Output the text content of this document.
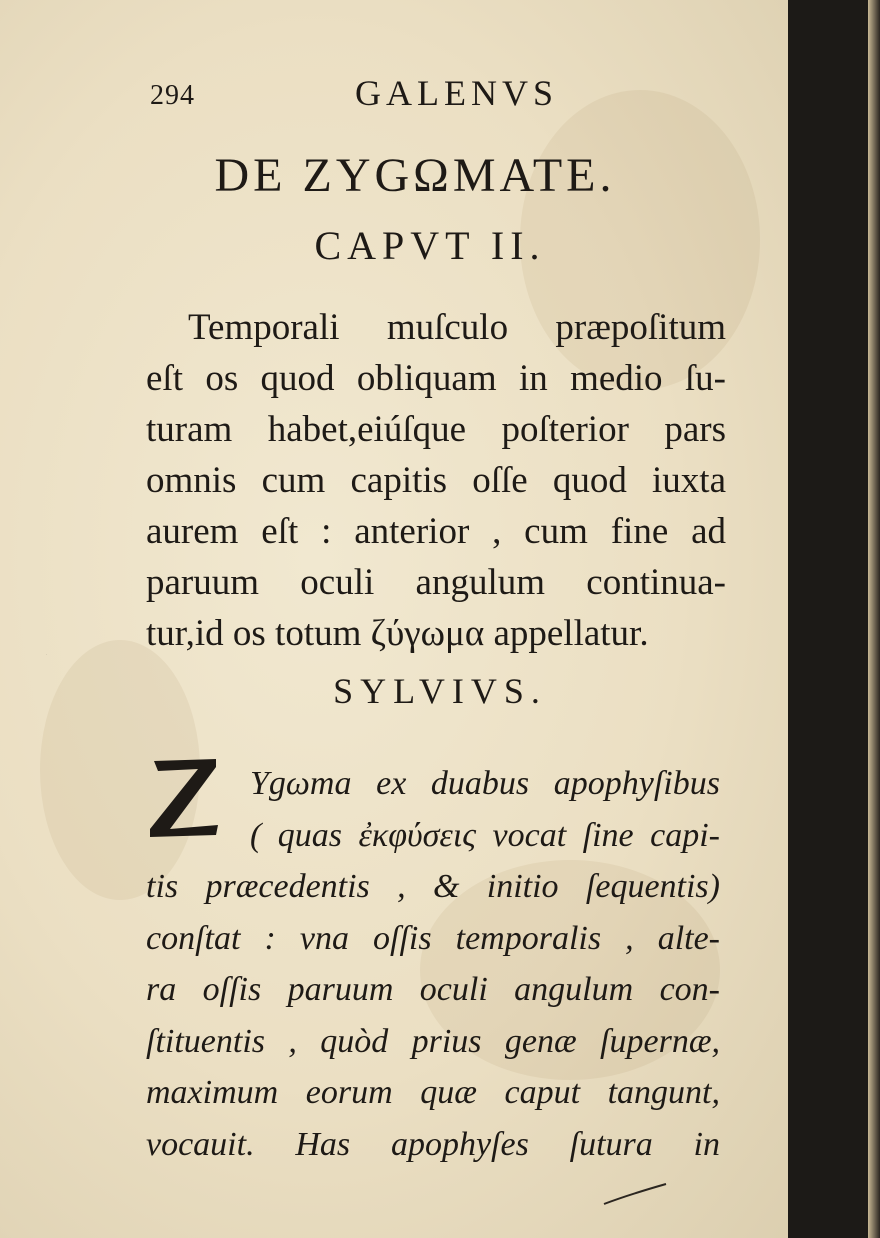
294	GALENVS
DE ZYGΩMATE.
CAPVT II.
Temporali muſculo præpoſitum
eſt os quod obliquam in medio ſu-
turam habet,eiúſque poſterior pars
omnis cum capitis oſſe quod iuxta
aurem eſt : anterior , cum fine ad
paruum oculi angulum continua-
tur,id os totum ζύγωμα appellatur.
SYLVIVS.
Z
Ygωma ex duabus apophyſibus
( quas ἐκφύσεις vocat ſine capi-
tis præcedentis , & initio ſequentis)
conſtat : vna oſſis temporalis , alte-
ra oſſis paruum oculi angulum con-
ſtituentis , quòd prius genæ ſupernæ,
maximum eorum quæ caput tangunt,
vocauit. Has apophyſes ſutura in
